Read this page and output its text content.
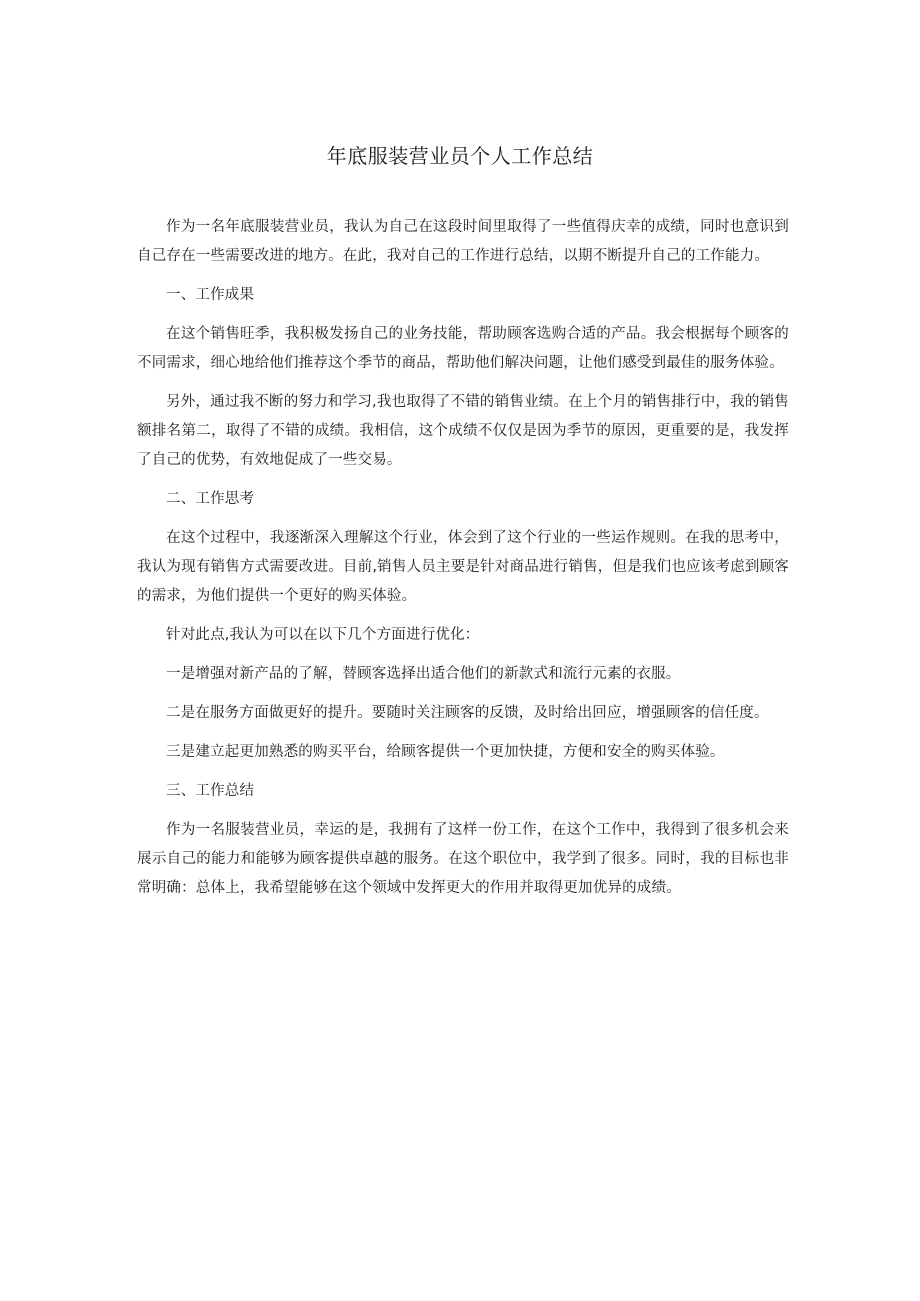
年底服装营业员个人工作总结

作为一名年底服装营业员，我认为自己在这段时间里取得了一些值得庆幸的成绩，同时也意识到自己存在一些需要改进的地方。在此，我对自己的工作进行总结，以期不断提升自己的工作能力。

一、工作成果

在这个销售旺季，我积极发扬自己的业务技能，帮助顾客选购合适的产品。我会根据每个顾客的不同需求，细心地给他们推荐这个季节的商品，帮助他们解决问题，让他们感受到最佳的服务体验。

另外，通过我不断的努力和学习,我也取得了不错的销售业绩。在上个月的销售排行中，我的销售额排名第二，取得了不错的成绩。我相信，这个成绩不仅仅是因为季节的原因，更重要的是，我发挥了自己的优势，有效地促成了一些交易。

二、工作思考

在这个过程中，我逐渐深入理解这个行业，体会到了这个行业的一些运作规则。在我的思考中，我认为现有销售方式需要改进。目前,销售人员主要是针对商品进行销售，但是我们也应该考虑到顾客的需求，为他们提供一个更好的购买体验。

针对此点,我认为可以在以下几个方面进行优化：

一是增强对新产品的了解，替顾客选择出适合他们的新款式和流行元素的衣服。

二是在服务方面做更好的提升。要随时关注顾客的反馈，及时给出回应，增强顾客的信任度。

三是建立起更加熟悉的购买平台，给顾客提供一个更加快捷，方便和安全的购买体验。

三、工作总结

作为一名服装营业员，幸运的是，我拥有了这样一份工作，在这个工作中，我得到了很多机会来展示自己的能力和能够为顾客提供卓越的服务。在这个职位中，我学到了很多。同时，我的目标也非常明确：总体上，我希望能够在这个领域中发挥更大的作用并取得更加优异的成绩。
